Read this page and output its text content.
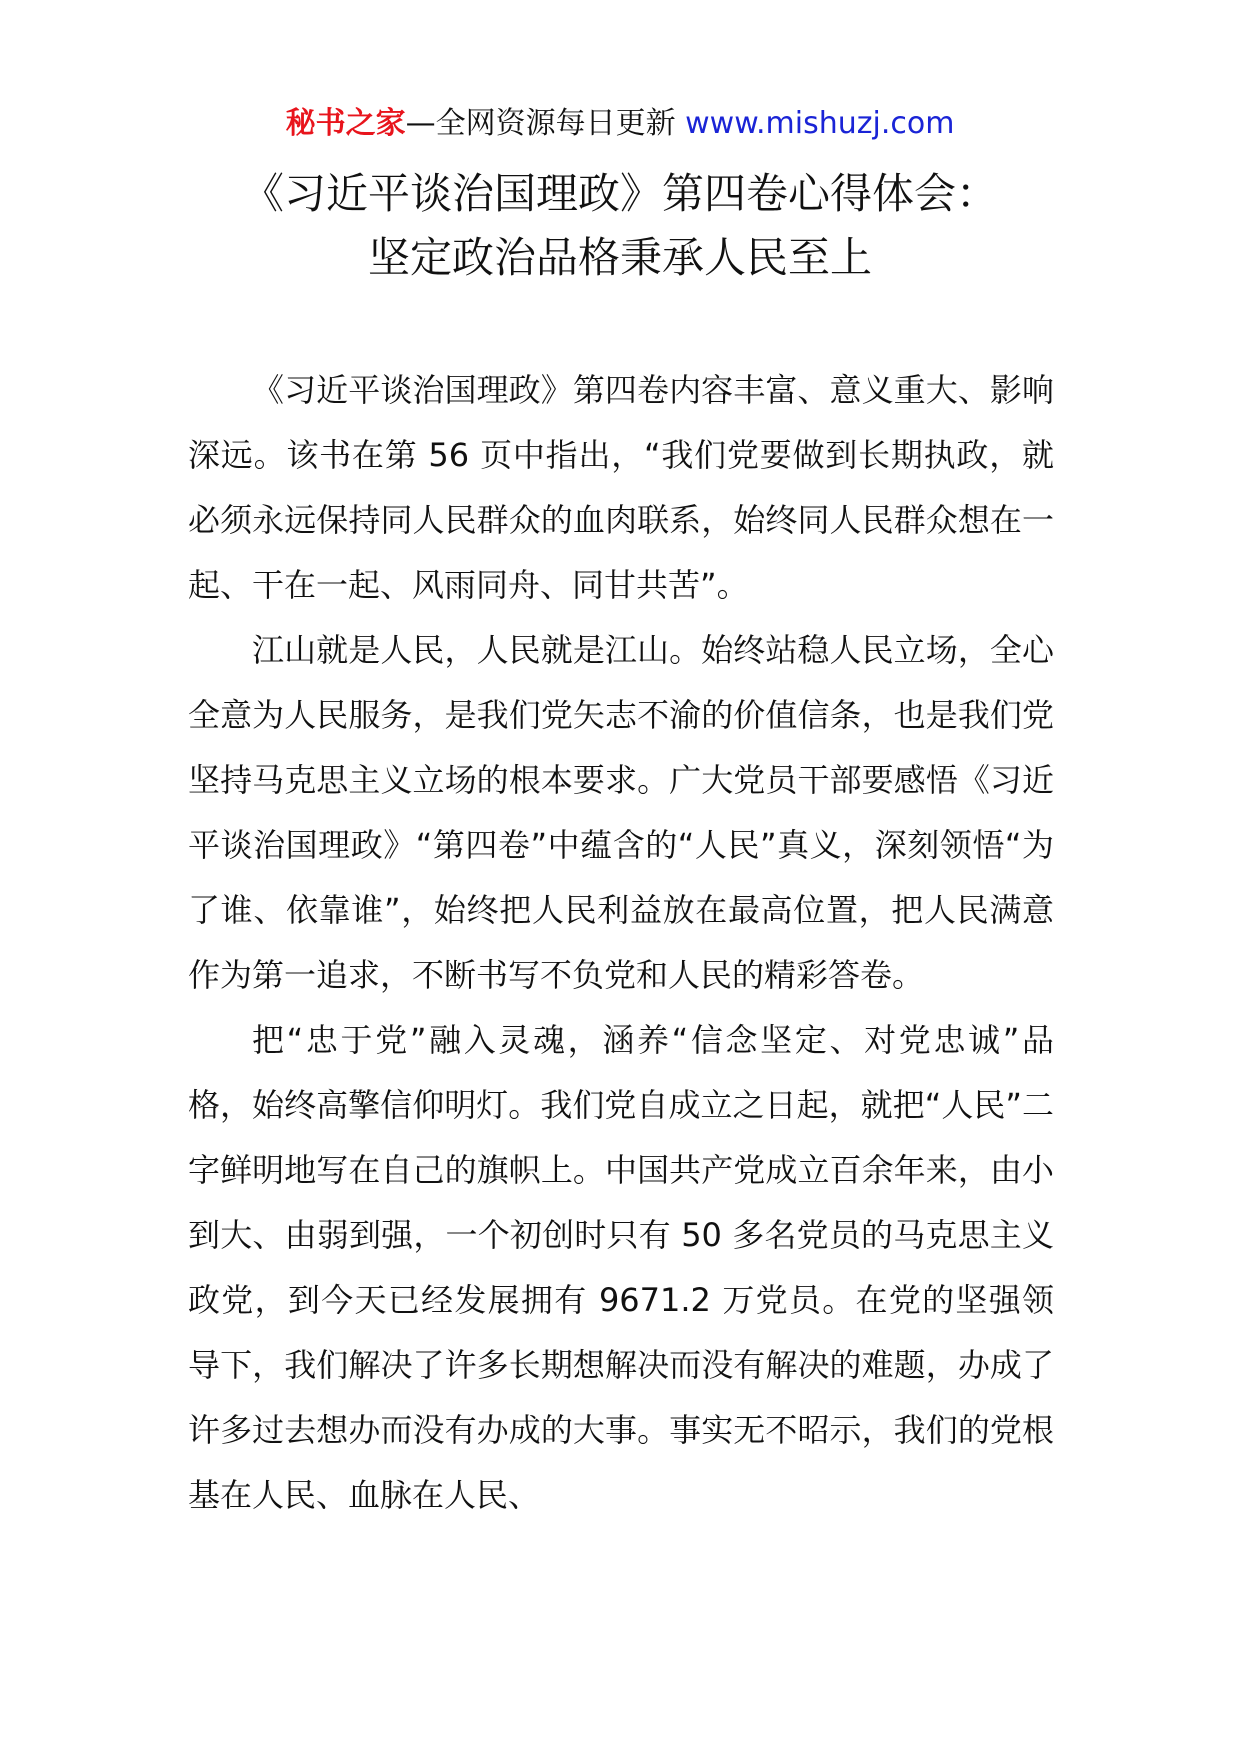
秘书之家—全网资源每日更新 www.mishuzj.com
《习近平谈治国理政》第四卷心得体会：
坚定政治品格秉承人民至上

《习近平谈治国理政》第四卷内容丰富、意义重大、影响深远。该书在第 56 页中指出，“我们党要做到长期执政，就必须永远保持同人民群众的血肉联系，始终同人民群众想在一起、干在一起、风雨同舟、同甘共苦”。

江山就是人民，人民就是江山。始终站稳人民立场，全心全意为人民服务，是我们党矢志不渝的价值信条，也是我们党坚持马克思主义立场的根本要求。广大党员干部要感悟《习近平谈治国理政》“第四卷”中蕴含的“人民”真义，深刻领悟“为了谁、依靠谁”，始终把人民利益放在最高位置，把人民满意作为第一追求，不断书写不负党和人民的精彩答卷。

把“忠于党”融入灵魂，涵养“信念坚定、对党忠诚”品格，始终高擎信仰明灯。我们党自成立之日起，就把“人民”二字鲜明地写在自己的旗帜上。中国共产党成立百余年来，由小到大、由弱到强，一个初创时只有 50 多名党员的马克思主义政党，到今天已经发展拥有 9671.2 万党员。在党的坚强领导下，我们解决了许多长期想解决而没有解决的难题，办成了许多过去想办而没有办成的大事。事实无不昭示，我们的党根基在人民、血脉在人民、
